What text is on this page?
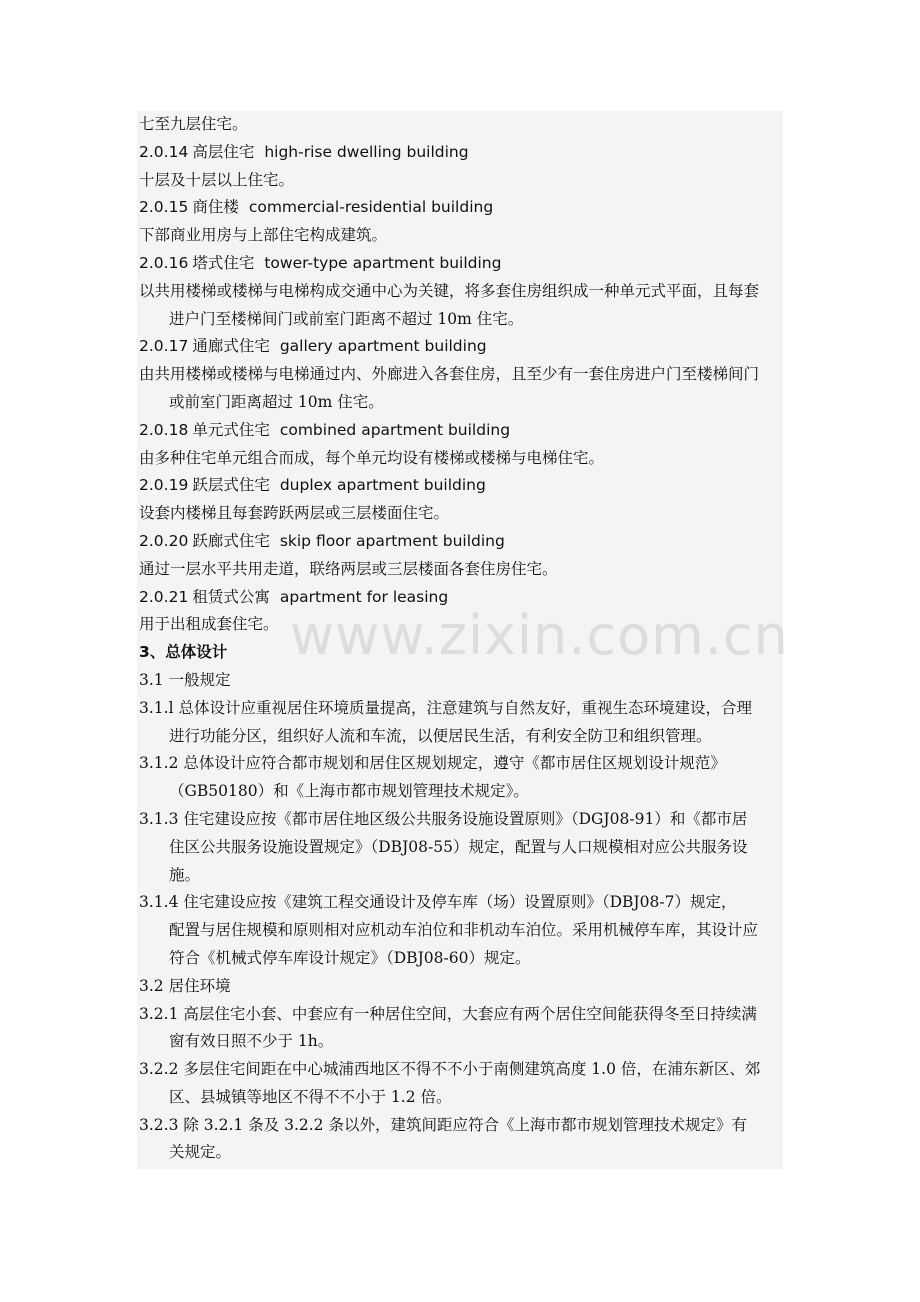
七至九层住宅。
2.0.14 高层住宅 high-rise dwelling building
十层及十层以上住宅。
2.0.15 商住楼 commercial-residential building
下部商业用房与上部住宅构成建筑。
2.0.16 塔式住宅 tower-type apartment building
以共用楼梯或楼梯与电梯构成交通中心为关键，将多套住房组织成一种单元式平面，且每套
进户门至楼梯间门或前室门距离不超过 10m 住宅。
2.0.17 通廊式住宅 gallery apartment building
由共用楼梯或楼梯与电梯通过内、外廊进入各套住房，且至少有一套住房进户门至楼梯间门
或前室门距离超过 10m 住宅。
2.0.18 单元式住宅 combined apartment building
由多种住宅单元组合而成，每个单元均设有楼梯或楼梯与电梯住宅。
2.0.19 跃层式住宅 duplex apartment building
设套内楼梯且每套跨跃两层或三层楼面住宅。
2.0.20 跃廊式住宅 skip floor apartment building
通过一层水平共用走道，联络两层或三层楼面各套住房住宅。
2.0.21 租赁式公寓 apartment for leasing
用于出租成套住宅。
3、总体设计
3.1 一般规定
3.1.l 总体设计应重视居住环境质量提高，注意建筑与自然友好，重视生态环境建设，合理
进行功能分区，组织好人流和车流，以便居民生活，有利安全防卫和组织管理。
3.1.2 总体设计应符合都市规划和居住区规划规定，遵守《都市居住区规划设计规范》
（GB50180）和《上海市都市规划管理技术规定》。
3.1.3 住宅建设应按《都市居住地区级公共服务设施设置原则》（DGJ08-91）和《都市居
住区公共服务设施设置规定》（DBJ08-55）规定，配置与人口规模相对应公共服务设
施。
3.1.4 住宅建设应按《建筑工程交通设计及停车库（场）设置原则》（DBJ08-7）规定，
配置与居住规模和原则相对应机动车泊位和非机动车泊位。采用机械停车库，其设计应
符合《机械式停车库设计规定》（DBJ08-60）规定。
3.2 居住环境
3.2.1 高层住宅小套、中套应有一种居住空间，大套应有两个居住空间能获得冬至日持续满
窗有效日照不少于 1h。
3.2.2 多层住宅间距在中心城浦西地区不得不不小于南侧建筑高度 1.0 倍，在浦东新区、郊
区、县城镇等地区不得不不小于 1.2 倍。
3.2.3 除 3.2.1 条及 3.2.2 条以外，建筑间距应符合《上海市都市规划管理技术规定》有
关规定。
www.zixin.com.cn
